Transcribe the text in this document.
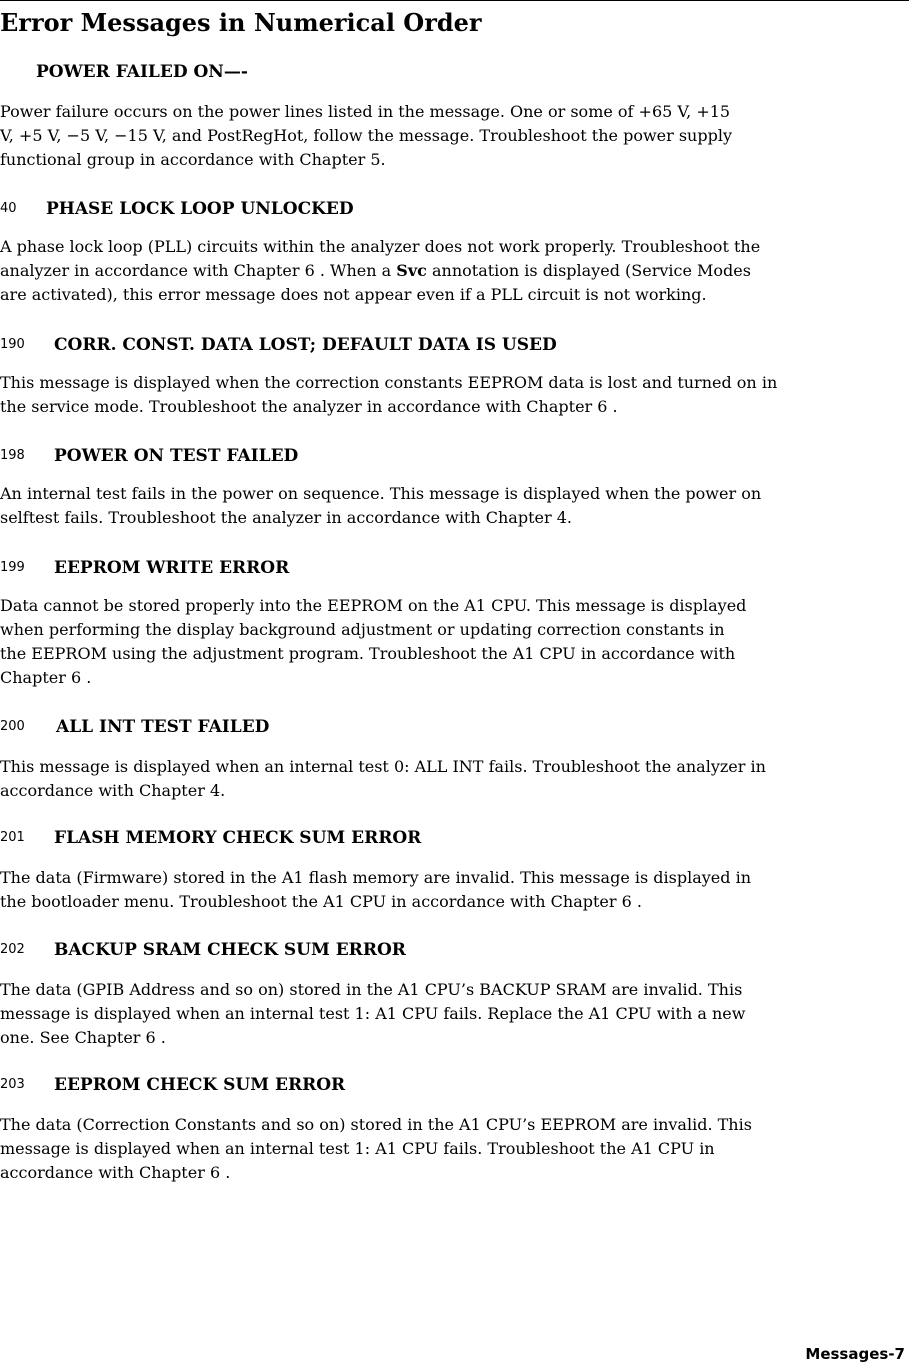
Error Messages in Numerical Order
POWER FAILED ON—-
Power failure occurs on the power lines listed in the message. One or some of +65 V, +15
V, +5 V, −5 V, −15 V, and PostRegHot, follow the message. Troubleshoot the power supply
functional group in accordance with Chapter 5.
40 PHASE LOCK LOOP UNLOCKED
A phase lock loop (PLL) circuits within the analyzer does not work properly. Troubleshoot the
analyzer in accordance with Chapter 6 . When a Svc annotation is displayed (Service Modes
are activated), this error message does not appear even if a PLL circuit is not working.
190 CORR. CONST. DATA LOST; DEFAULT DATA IS USED
This message is displayed when the correction constants EEPROM data is lost and turned on in
the service mode. Troubleshoot the analyzer in accordance with Chapter 6 .
198 POWER ON TEST FAILED
An internal test fails in the power on sequence. This message is displayed when the power on
selftest fails. Troubleshoot the analyzer in accordance with Chapter 4.
199 EEPROM WRITE ERROR
Data cannot be stored properly into the EEPROM on the A1 CPU. This message is displayed
when performing the display background adjustment or updating correction constants in
the EEPROM using the adjustment program. Troubleshoot the A1 CPU in accordance with
Chapter 6 .
200 ALL INT TEST FAILED
This message is displayed when an internal test 0: ALL INT fails. Troubleshoot the analyzer in
accordance with Chapter 4.
201 FLASH MEMORY CHECK SUM ERROR
The data (Firmware) stored in the A1 flash memory are invalid. This message is displayed in
the bootloader menu. Troubleshoot the A1 CPU in accordance with Chapter 6 .
202 BACKUP SRAM CHECK SUM ERROR
The data (GPIB Address and so on) stored in the A1 CPU’s BACKUP SRAM are invalid. This
message is displayed when an internal test 1: A1 CPU fails. Replace the A1 CPU with a new
one. See Chapter 6 .
203 EEPROM CHECK SUM ERROR
The data (Correction Constants and so on) stored in the A1 CPU’s EEPROM are invalid. This
message is displayed when an internal test 1: A1 CPU fails. Troubleshoot the A1 CPU in
accordance with Chapter 6 .
Messages-7
